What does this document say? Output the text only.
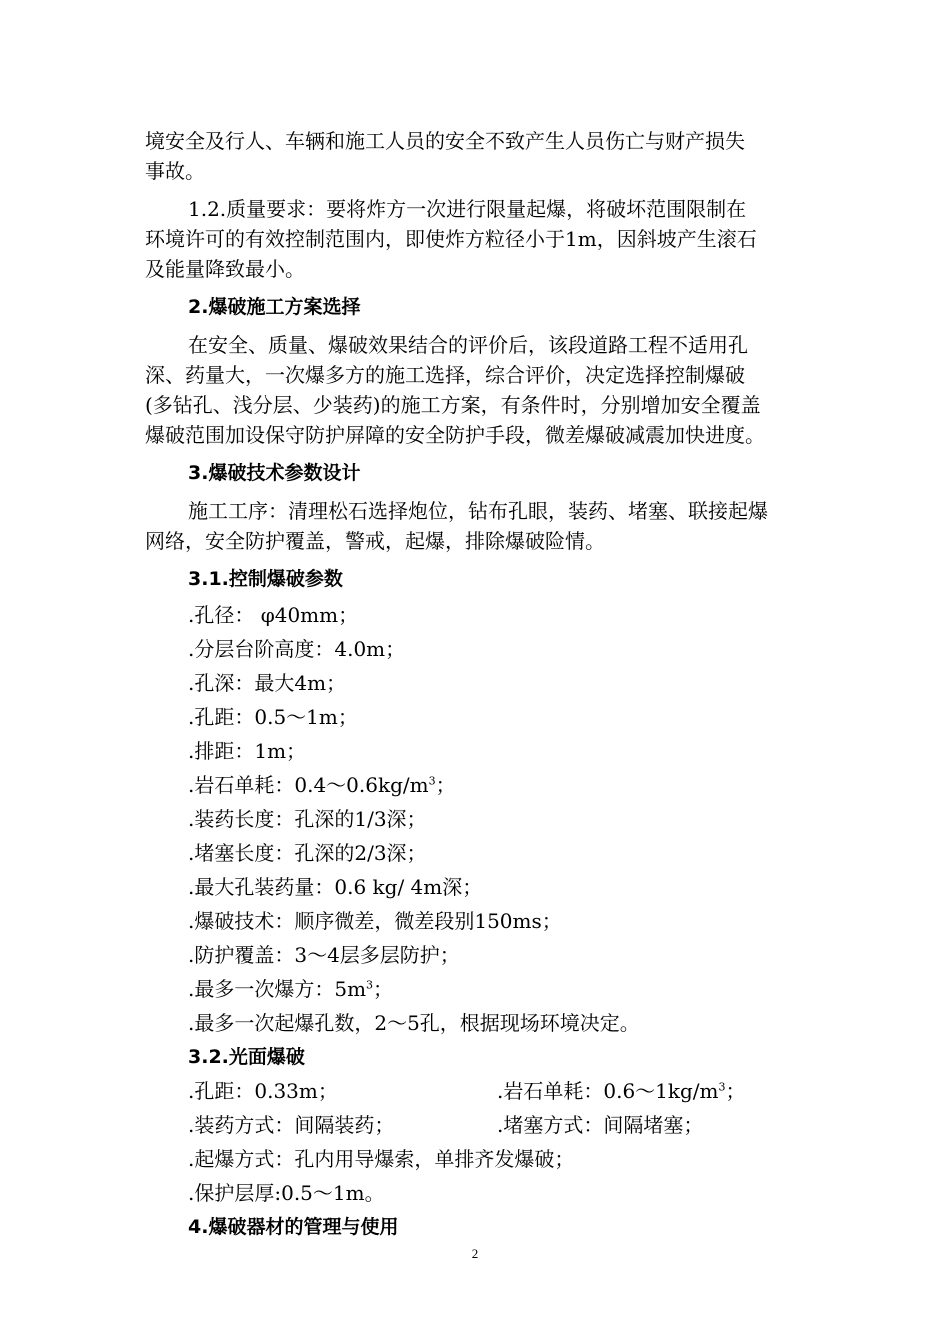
境安全及行人、车辆和施工人员的安全不致产生人员伤亡与财产损失
事故。
1.2.质量要求：要将炸方一次进行限量起爆，将破坏范围限制在
环境许可的有效控制范围内，即使炸方粒径小于1m，因斜坡产生滚石
及能量降致最小。
2.爆破施工方案选择
在安全、质量、爆破效果结合的评价后，该段道路工程不适用孔
深、药量大，一次爆多方的施工选择，综合评价，决定选择控制爆破
(多钻孔、浅分层、少装药)的施工方案，有条件时，分别增加安全覆盖
爆破范围加设保守防护屏障的安全防护手段，微差爆破减震加快进度。
3.爆破技术参数设计
施工工序：清理松石选择炮位，钻布孔眼，装药、堵塞、联接起爆
网络，安全防护覆盖，警戒，起爆，排除爆破险情。
3.1.控制爆破参数
.孔径： φ40mm；
.分层台阶高度：4.0m；
.孔深：最大4m；
.孔距：0.5～1m；
.排距：1m；
.岩石单耗：$0.4\sim 0.6kg/m^3$；
.装药长度：孔深的1/3深；
.堵塞长度：孔深的2/3深；
.最大孔装药量：0.6 kg/ 4m深；
.爆破技术：顺序微差，微差段别150ms；
.防护覆盖：3～4层多层防护；
.最多一次爆方：$5m^3$；
.最多一次起爆孔数，2～5孔，根据现场环境决定。
3.2.光面爆破
.孔距：0.33m；	.岩石单耗：$0.6\sim 1kg/m^3$；
.装药方式：间隔装药；	.堵塞方式：间隔堵塞；
.起爆方式：孔内用导爆索，单排齐发爆破；
.保护层厚:0.5～1m。
4.爆破器材的管理与使用
2
